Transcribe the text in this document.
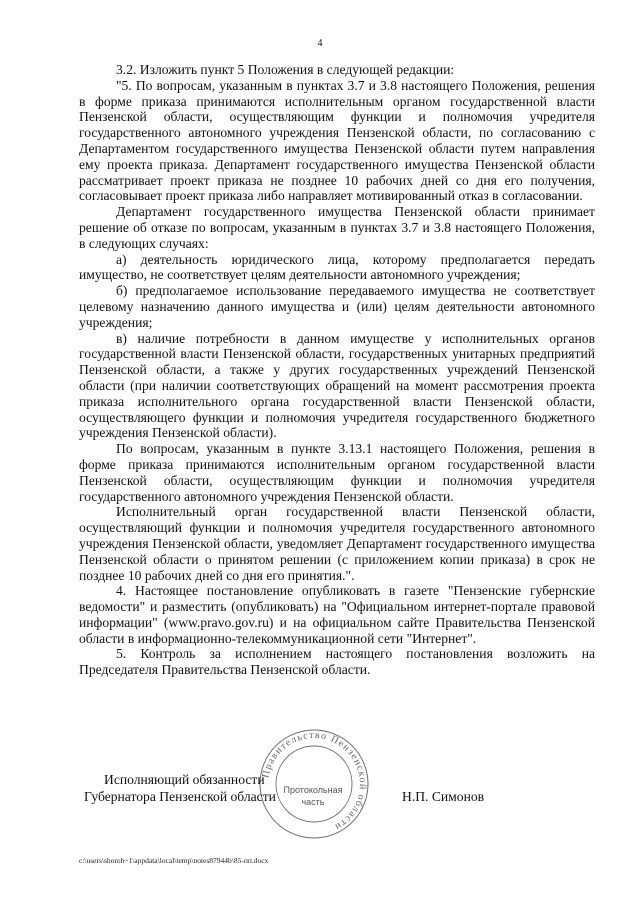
4

3.2. Изложить пункт 5 Положения в следующей редакции:

"5. По вопросам, указанным в пунктах 3.7 и 3.8 настоящего Положения, решения в форме приказа принимаются исполнительным органом государственной власти Пензенской области, осуществляющим функции и полномочия учредителя государственного автономного учреждения Пензенской области, по согласованию с Департаментом государственного имущества Пензенской области путем направления ему проекта приказа. Департамент государственного имущества Пензенской области рассматривает проект приказа не позднее 10 рабочих дней со дня его получения, согласовывает проект приказа либо направляет мотивированный отказ в согласовании.

Департамент государственного имущества Пензенской области принимает решение об отказе по вопросам, указанным в пунктах 3.7 и 3.8 настоящего Положения, в следующих случаях:

а) деятельность юридического лица, которому предполагается передать имущество, не соответствует целям деятельности автономного учреждения;

б) предполагаемое использование передаваемого имущества не соответствует целевому назначению данного имущества и (или) целям деятельности автономного учреждения;

в) наличие потребности в данном имуществе у исполнительных органов государственной власти Пензенской области, государственных унитарных предприятий Пензенской области, а также у других государственных учреждений Пензенской области (при наличии соответствующих обращений на момент рассмотрения проекта приказа исполнительного органа государственной власти Пензенской области, осуществляющего функции и полномочия учредителя государственного бюджетного учреждения Пензенской области).

По вопросам, указанным в пункте 3.13.1 настоящего Положения, решения в форме приказа принимаются исполнительным органом государственной власти Пензенской области, осуществляющим функции и полномочия учредителя государственного автономного учреждения Пензенской области.

Исполнительный орган государственной власти Пензенской области, осуществляющий функции и полномочия учредителя государственного автономного учреждения Пензенской области, уведомляет Департамент государственного имущества Пензенской области о принятом решении (с приложением копии приказа) в срок не позднее 10 рабочих дней со дня его принятия.".

4. Настоящее постановление опубликовать в газете "Пензенские губернские ведомости" и разместить (опубликовать) на "Официальном интернет-портале правовой информации" (www.pravo.gov.ru) и на официальном сайте Правительства Пензенской области в информационно-телекоммуникационной сети "Интернет".

5. Контроль за исполнением настоящего постановления возложить на Председателя Правительства Пензенской области.

Правительство Пензенской области
Протокольная
часть
Исполняющий обязанности
Губернатора Пензенской области	Н.П. Симонов
c:\users\shoroh~1\appdata\local\temp\notes87944b\85-пп.docx
